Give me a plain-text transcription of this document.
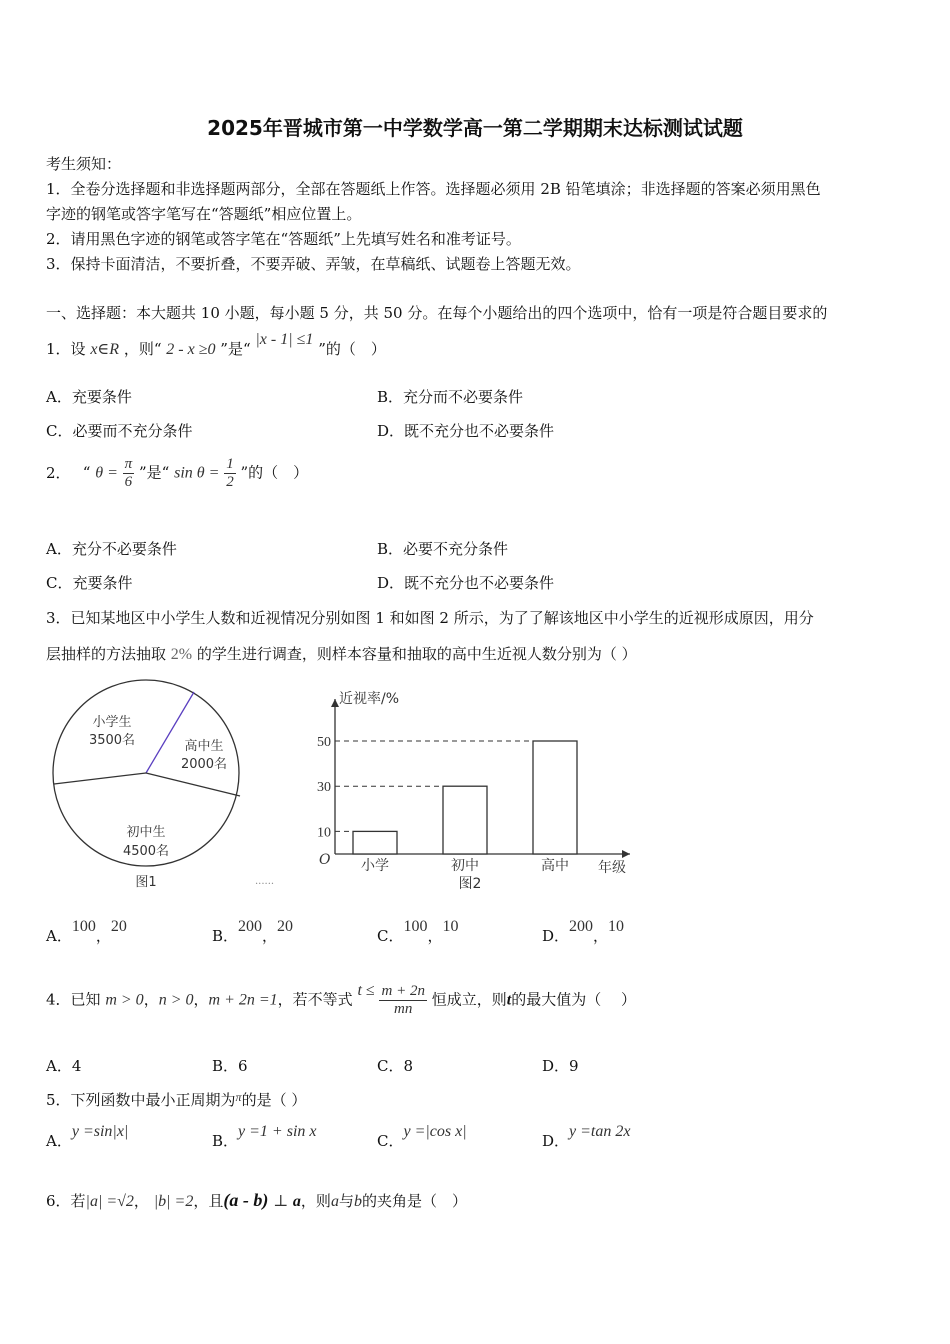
2025年晋城市第一中学数学高一第二学期期末达标测试试题
考生须知：
1．全卷分选择题和非选择题两部分，全部在答题纸上作答。选择题必须用 2B 铅笔填涂；非选择题的答案必须用黑色
字迹的钢笔或答字笔写在“答题纸”相应位置上。
2．请用黑色字迹的钢笔或答字笔在“答题纸”上先填写姓名和准考证号。
3．保持卡面清洁，不要折叠，不要弄破、弄皱，在草稿纸、试题卷上答题无效。
一、选择题：本大题共 10 小题，每小题 5 分，共 50 分。在每个小题给出的四个选项中，恰有一项是符合题目要求的
1．设 x∈R ，则“ 2 - x ≥0 ”是“ |x - 1| ≤1 ”的（　）
A．充要条件	B．充分而不必要条件
C．必要而不充分条件	D．既不充分也不必要条件
2． “ $\theta = \frac{\pi}{6}$ ”是“ $\sin \theta = \frac{1}{2}$ ”的（　）
A．充分不必要条件	B．必要不充分条件
C．充要条件	D．既不充分也不必要条件
3．已知某地区中小学生人数和近视情况分别如图 1 和如图 2 所示，为了了解该地区中小学生的近视形成原因，用分
层抽样的方法抽取 2% 的学生进行调查，则样本容量和抽取的高中生近视人数分别为（ ）
小学生
3500名	高中生
2000名
初中生
4500名
图1	......
近视率/%
年级
O
10
小学
30
初中
50
高中
图2
A．100，20
B．200，20
C．100，10
D．200，10
4．已知 m > 0，n > 0，m + 2n =1，若不等式 $t \le \frac{m + 2n}{mn}$ 恒成立，则t的最大值为（　 ）
A．4	B．6	C．8	D．9
5．下列函数中最小正周期为$^\pi$的是（ ）
A．y =sin|x|
B．y =1 + sin x
C．y =|cos x|
D．y =tan 2x
6．若|a| =√2， |b| =2，且(a - b) ⊥ a，则a与b的夹角是（　）
